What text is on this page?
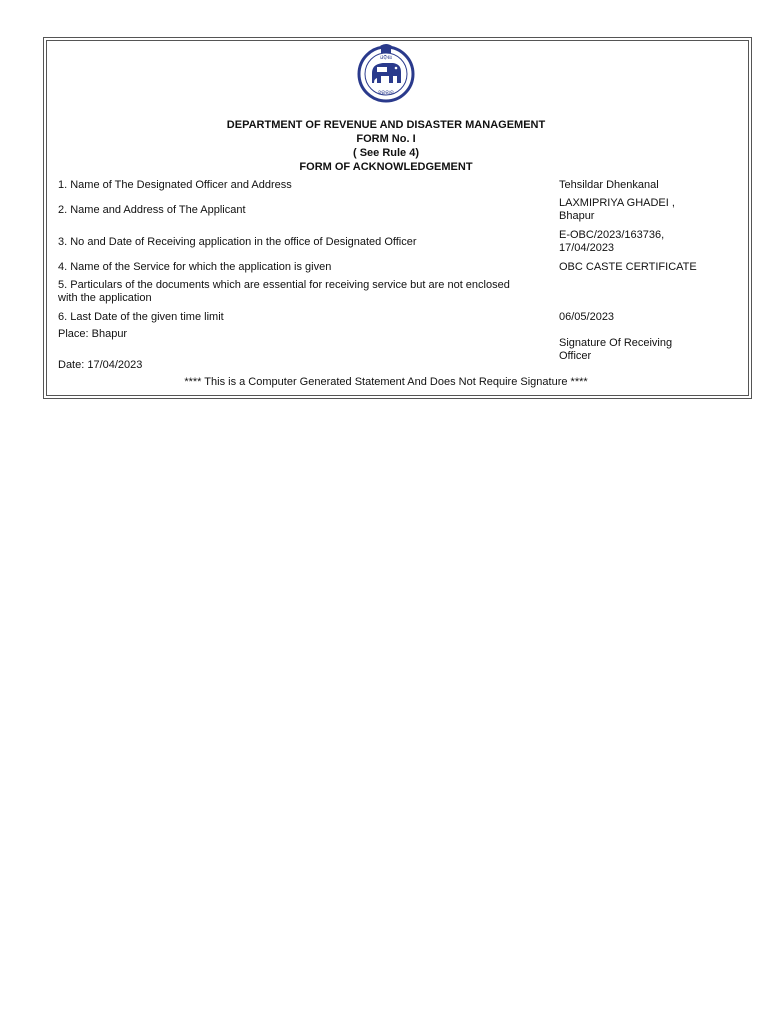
ଓଡ଼ିଶା
ସରକାର
DEPARTMENT OF REVENUE AND DISASTER MANAGEMENT
FORM No. I
( See Rule 4)
FORM OF ACKNOWLEDGEMENT
1. Name of The Designated Officer and Address	Tehsildar Dhenkanal
2. Name and Address of The Applicant
LAXMIPRIYA GHADEI ,
Bhapur
3. No and Date of Receiving application in the office of Designated Officer
E-OBC/2023/163736,
17/04/2023
4. Name of the Service for which the application is given	OBC CASTE CERTIFICATE
5. Particulars of the documents which are essential for receiving service but are not enclosed
with the application
6. Last Date of the given time limit	06/05/2023
Place: Bhapur
Signature Of Receiving
Officer
Date: 17/04/2023
**** This is a Computer Generated Statement And Does Not Require Signature ****
